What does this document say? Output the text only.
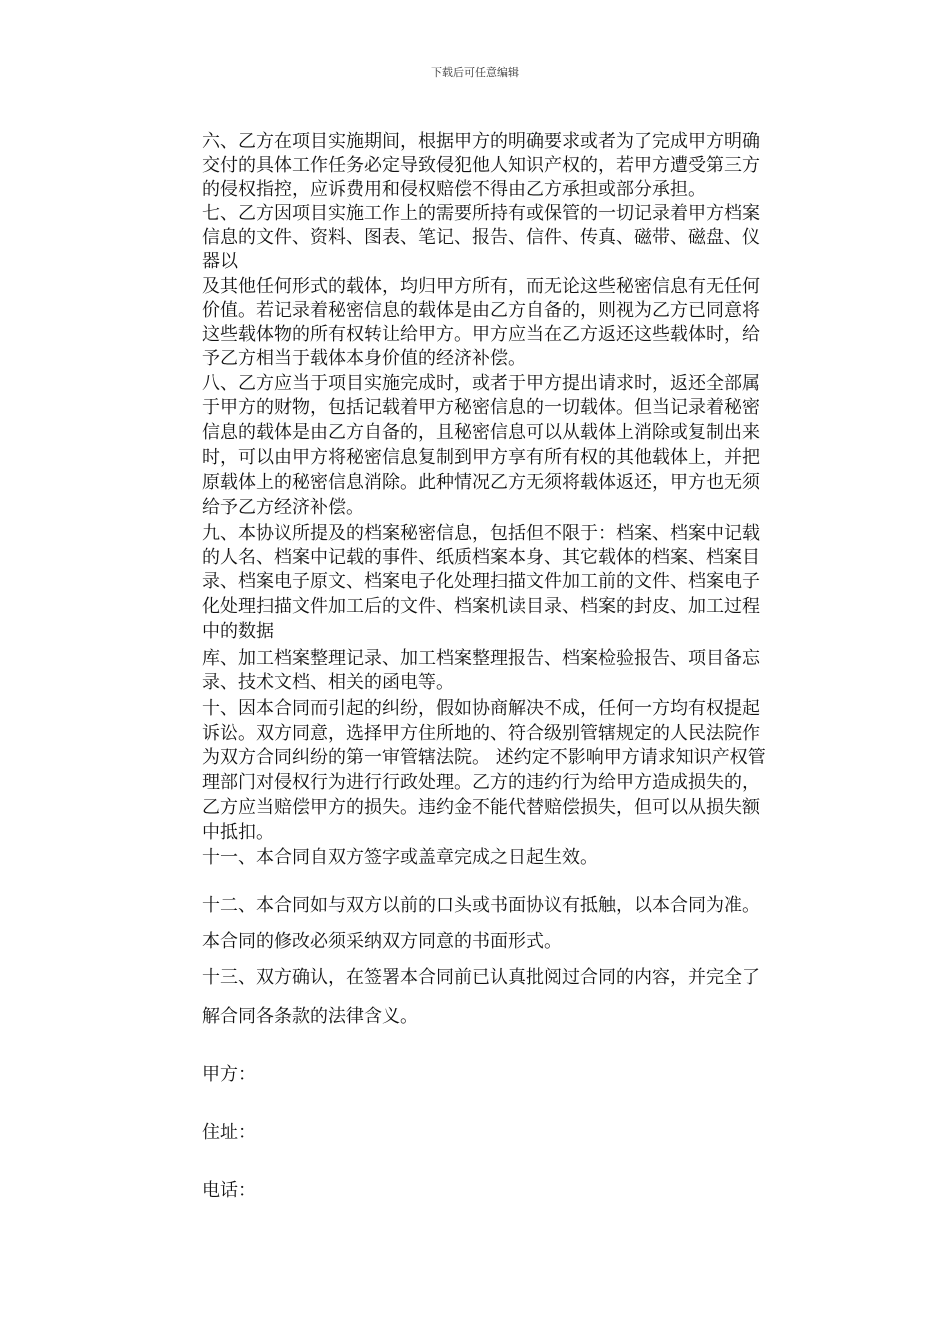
下载后可任意编辑
六、乙方在项目实施期间，根据甲方的明确要求或者为了完成甲方明确
交付的具体工作任务必定导致侵犯他人知识产权的，若甲方遭受第三方
的侵权指控，应诉费用和侵权赔偿不得由乙方承担或部分承担。
七、乙方因项目实施工作上的需要所持有或保管的一切记录着甲方档案
信息的文件、资料、图表、笔记、报告、信件、传真、磁带、磁盘、仪
器以
及其他任何形式的载体，均归甲方所有，而无论这些秘密信息有无任何
价值。若记录着秘密信息的载体是由乙方自备的，则视为乙方已同意将
这些载体物的所有权转让给甲方。甲方应当在乙方返还这些载体时，给
予乙方相当于载体本身价值的经济补偿。
八、乙方应当于项目实施完成时，或者于甲方提出请求时，返还全部属
于甲方的财物，包括记载着甲方秘密信息的一切载体。但当记录着秘密
信息的载体是由乙方自备的，且秘密信息可以从载体上消除或复制出来
时，可以由甲方将秘密信息复制到甲方享有所有权的其他载体上，并把
原载体上的秘密信息消除。此种情况乙方无须将载体返还，甲方也无须
给予乙方经济补偿。
九、本协议所提及的档案秘密信息，包括但不限于：档案、档案中记载
的人名、档案中记载的事件、纸质档案本身、其它载体的档案、档案目
录、档案电子原文、档案电子化处理扫描文件加工前的文件、档案电子
化处理扫描文件加工后的文件、档案机读目录、档案的封皮、加工过程
中的数据
库、加工档案整理记录、加工档案整理报告、档案检验报告、项目备忘
录、技术文档、相关的函电等。
十、因本合同而引起的纠纷，假如协商解决不成，任何一方均有权提起
诉讼。双方同意，选择甲方住所地的、符合级别管辖规定的人民法院作
为双方合同纠纷的第一审管辖法院。 述约定不影响甲方请求知识产权管
理部门对侵权行为进行行政处理。乙方的违约行为给甲方造成损失的，
乙方应当赔偿甲方的损失。违约金不能代替赔偿损失，但可以从损失额
中抵扣。
十一、本合同自双方签字或盖章完成之日起生效。
十二、本合同如与双方以前的口头或书面协议有抵触，以本合同为准。
本合同的修改必须采纳双方同意的书面形式。
十三、双方确认，在签署本合同前已认真批阅过合同的内容，并完全了
解合同各条款的法律含义。
甲方：
住址：
电话：
